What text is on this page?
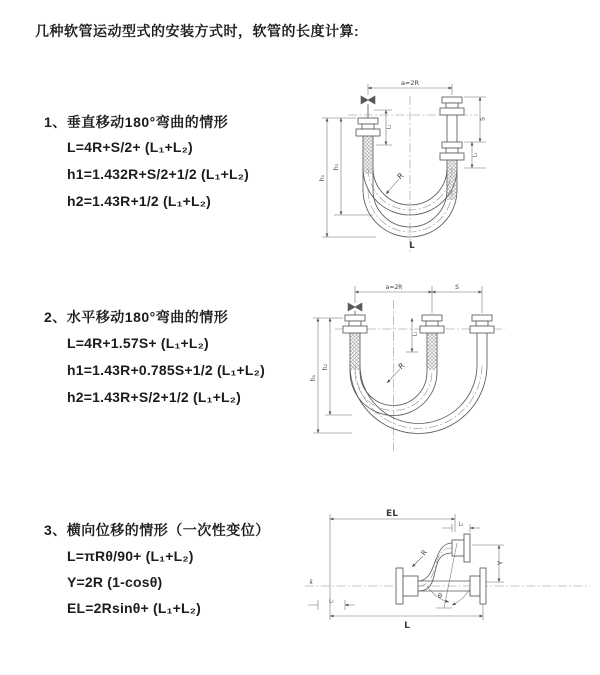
几种软管运动型式的安装方式时，软管的长度计算:
1、垂直移动180°弯曲的情形
L=4R+S/2+ (L₁+L₂)
h1=1.432R+S/2+1/2 (L₁+L₂)
h2=1.43R+1/2 (L₁+L₂)
2、水平移动180°弯曲的情形
L=4R+1.57S+ (L₁+L₂)
h1=1.43R+0.785S+1/2 (L₁+L₂)
h2=1.43R+S/2+1/2 (L₁+L₂)
3、横向位移的情形（一次性变位）
L=πRθ/90+ (L₁+L₂)
Y=2R (1-cosθ)
EL=2Rsinθ+ (L₁+L₂)
a=2R
S
L₁
L₁
h₁
h₂
R
L
a=2R	S
L₁
h₁
h₂	R
x̄
EL
L₂
Y
L
L₁
θ
R
